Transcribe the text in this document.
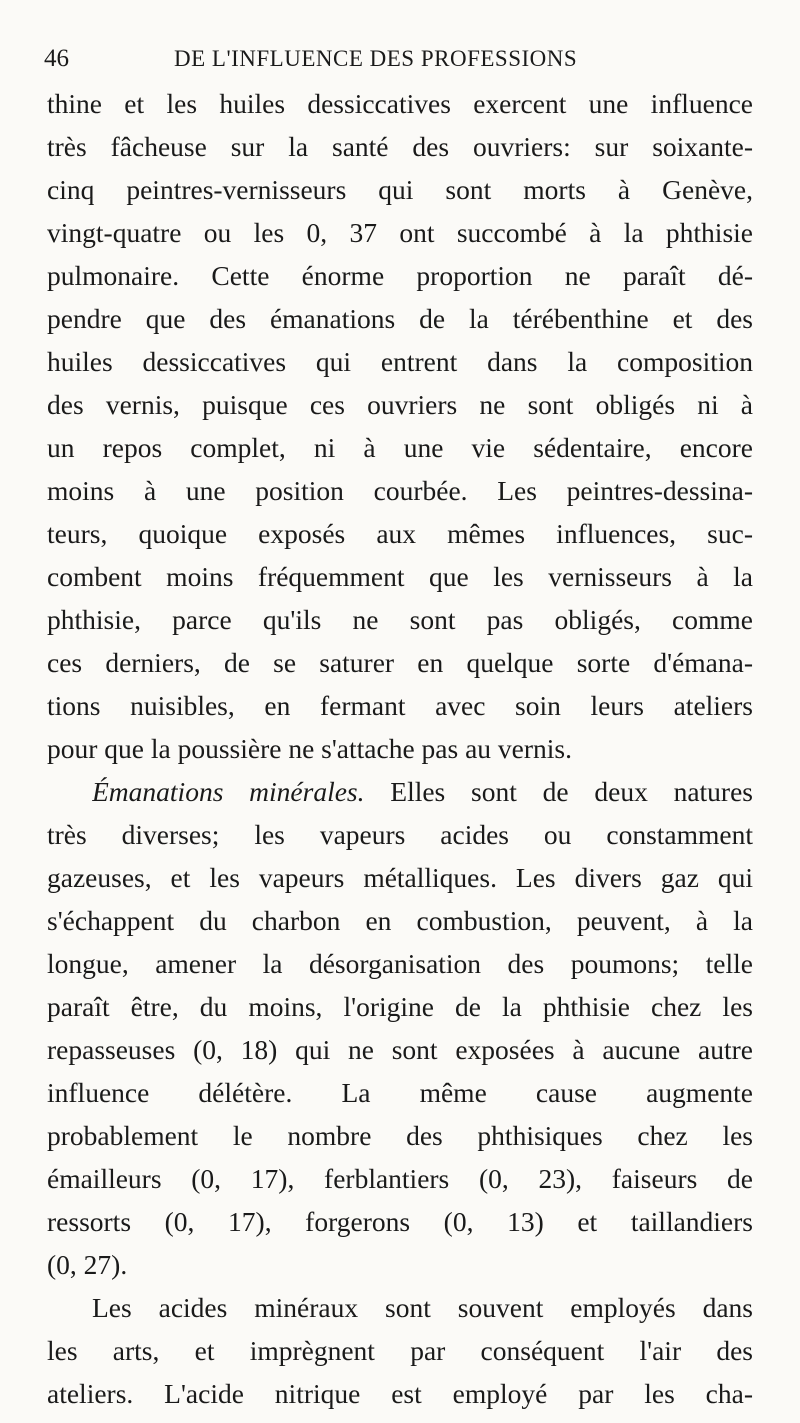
46	DE L'INFLUENCE DES PROFESSIONS
thine et les huiles dessiccatives exercent une influence
très fâcheuse sur la santé des ouvriers: sur soixante-
cinq peintres-vernisseurs qui sont morts à Genève,
vingt-quatre ou les 0, 37 ont succombé à la phthisie
pulmonaire. Cette énorme proportion ne paraît dé-
pendre que des émanations de la térébenthine et des
huiles dessiccatives qui entrent dans la composition
des vernis, puisque ces ouvriers ne sont obligés ni à
un repos complet, ni à une vie sédentaire, encore
moins à une position courbée. Les peintres-dessina-
teurs, quoique exposés aux mêmes influences, suc-
combent moins fréquemment que les vernisseurs à la
phthisie, parce qu'ils ne sont pas obligés, comme
ces derniers, de se saturer en quelque sorte d'émana-
tions nuisibles, en fermant avec soin leurs ateliers
pour que la poussière ne s'attache pas au vernis.
Émanations minérales. Elles sont de deux natures
très diverses; les vapeurs acides ou constamment
gazeuses, et les vapeurs métalliques. Les divers gaz qui
s'échappent du charbon en combustion, peuvent, à la
longue, amener la désorganisation des poumons; telle
paraît être, du moins, l'origine de la phthisie chez les
repasseuses (0, 18) qui ne sont exposées à aucune autre
influence délétère. La même cause augmente
probablement le nombre des phthisiques chez les
émailleurs (0, 17), ferblantiers (0, 23), faiseurs de
ressorts (0, 17), forgerons (0, 13) et taillandiers
(0, 27).
Les acides minéraux sont souvent employés dans
les arts, et imprègnent par conséquent l'air des
ateliers. L'acide nitrique est employé par les cha-
